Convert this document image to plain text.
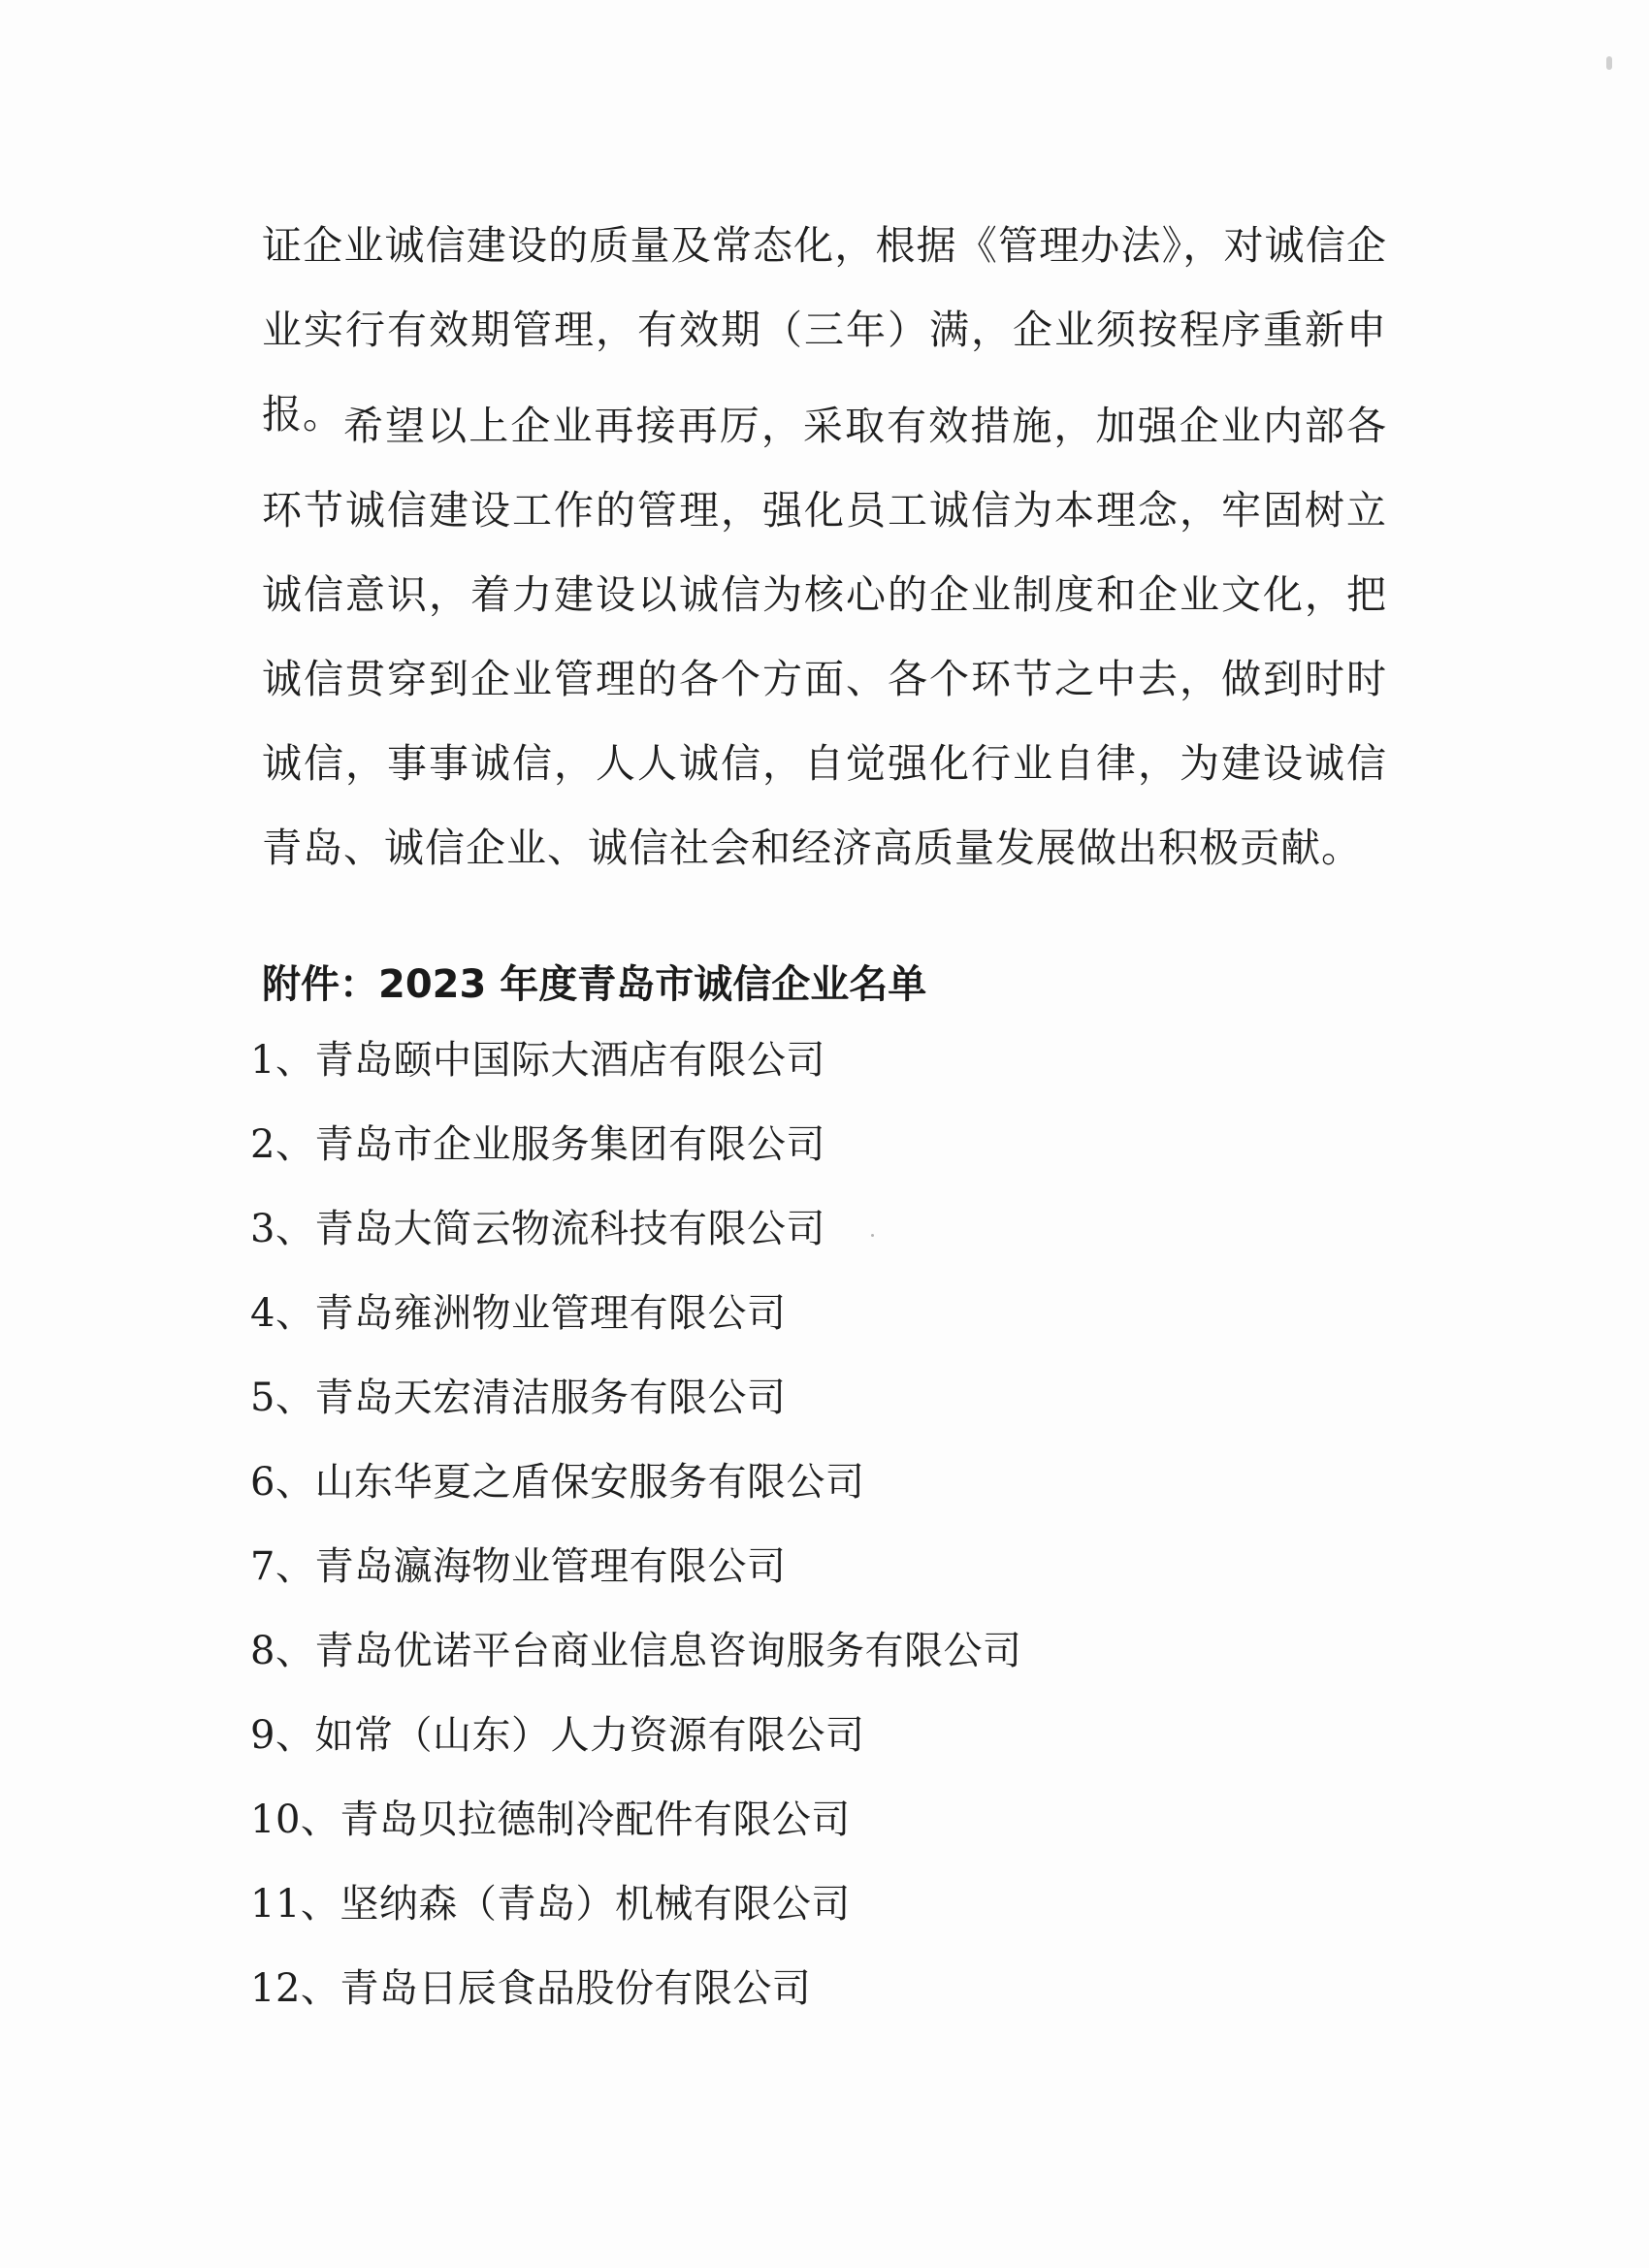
证企业诚信建设的质量及常态化，根据《管理办法》，对诚信企业实行有效期管理，有效期（三年）满，企业须按程序重新申报。 希望以上企业再接再厉，采取有效措施，加强企业内部各环节诚信建设工作的管理，强化员工诚信为本理念，牢固树立诚信意识，着力建设以诚信为核心的企业制度和企业文化，把诚信贯穿到企业管理的各个方面、各个环节之中去，做到时时诚信，事事诚信，人人诚信，自觉强化行业自律，为建设诚信青岛、诚信企业、诚信社会和经济高质量发展做出积极贡献。

附件：2023 年度青岛市诚信企业名单
1、青岛颐中国际大酒店有限公司
2、青岛市企业服务集团有限公司
3、青岛大简云物流科技有限公司
4、青岛雍洲物业管理有限公司
5、青岛天宏清洁服务有限公司
6、山东华夏之盾保安服务有限公司
7、青岛瀛海物业管理有限公司
8、青岛优诺平台商业信息咨询服务有限公司
9、如常（山东）人力资源有限公司
10、青岛贝拉德制冷配件有限公司
11、坚纳森（青岛）机械有限公司
12、青岛日辰食品股份有限公司
